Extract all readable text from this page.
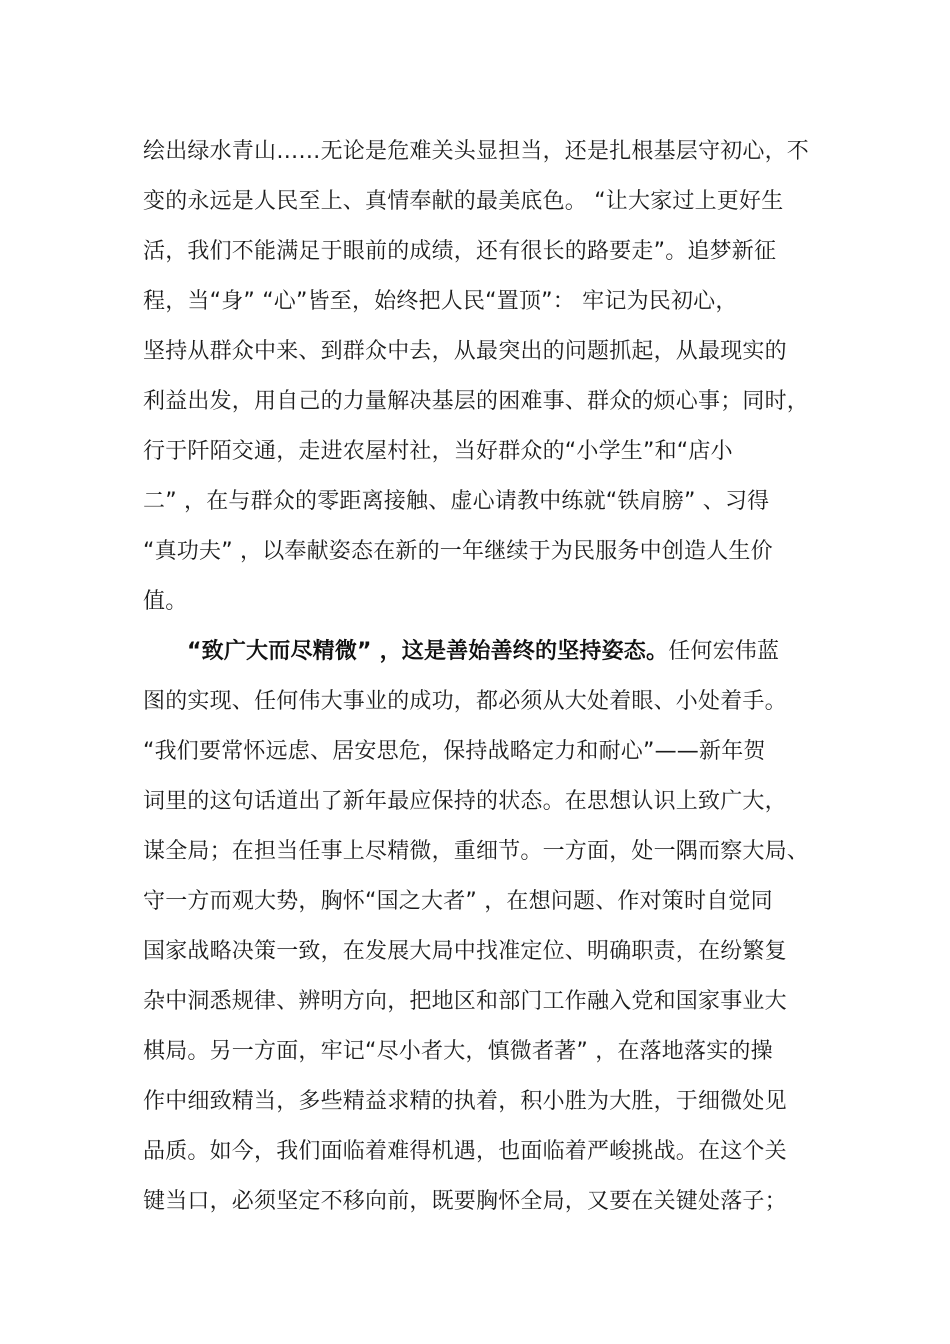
绘出绿水青山……无论是危难关头显担当，还是扎根基层守初心，不
变的永远是人民至上、真情奉献的最美底色。 “让大家过上更好生
活，我们不能满足于眼前的成绩，还有很长的路要走”。追梦新征
程，当“身” “心”皆至，始终把人民“置顶”： 牢记为民初心，
坚持从群众中来、到群众中去，从最突出的问题抓起，从最现实的
利益出发，用自己的力量解决基层的困难事、群众的烦心事；同时，
行于阡陌交通，走进农屋村社，当好群众的“小学生”和“店小
二” ，在与群众的零距离接触、虚心请教中练就“铁肩膀” 、习得
“真功夫” ，以奉献姿态在新的一年继续于为民服务中创造人生价
值。
“致广大而尽精微” ，这是善始善终的坚持姿态。任何宏伟蓝
图的实现、任何伟大事业的成功，都必须从大处着眼、小处着手。
“我们要常怀远虑、居安思危，保持战略定力和耐心”——新年贺
词里的这句话道出了新年最应保持的状态。在思想认识上致广大，
谋全局；在担当任事上尽精微，重细节。一方面，处一隅而察大局、
守一方而观大势，胸怀“国之大者” ，在想问题、作对策时自觉同
国家战略决策一致，在发展大局中找准定位、明确职责，在纷繁复
杂中洞悉规律、辨明方向，把地区和部门工作融入党和国家事业大
棋局。另一方面，牢记“尽小者大，慎微者著” ，在落地落实的操
作中细致精当，多些精益求精的执着，积小胜为大胜，于细微处见
品质。如今，我们面临着难得机遇，也面临着严峻挑战。在这个关
键当口，必须坚定不移向前，既要胸怀全局，又要在关键处落子；
